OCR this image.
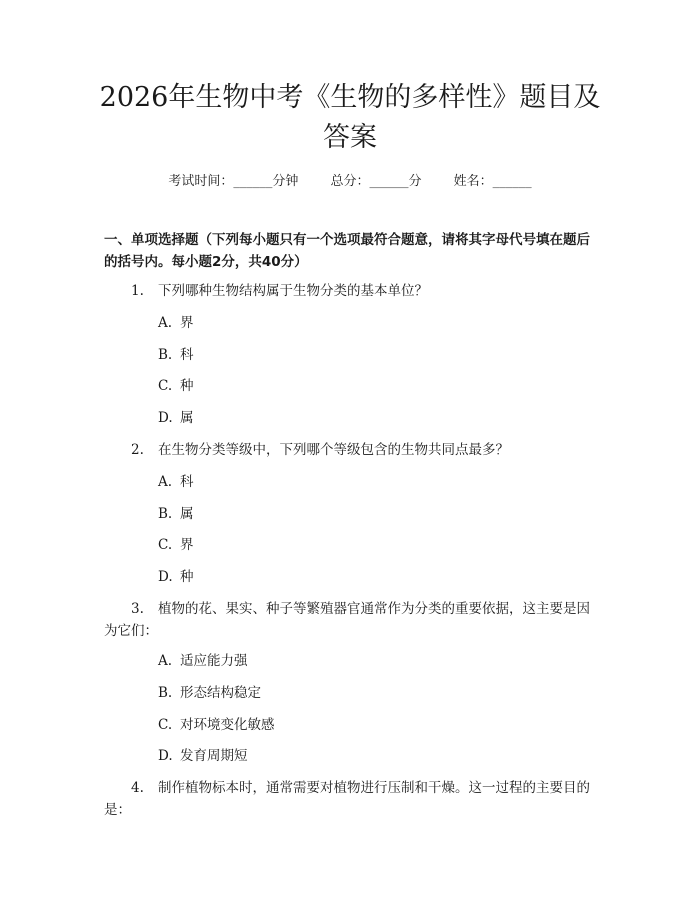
2026年生物中考《生物的多样性》题目及答案
考试时间：______分钟 总分：______分 姓名：______

一、单项选择题（下列每小题只有一个选项最符合题意，请将其字母代号填在题后的括号内。每小题2分，共40分）

1. 下列哪种生物结构属于生物分类的基本单位？
A. 界
B. 科
C. 种
D. 属
2. 在生物分类等级中，下列哪个等级包含的生物共同点最多？
A. 科
B. 属
C. 界
D. 种
3. 植物的花、果实、种子等繁殖器官通常作为分类的重要依据，这主要是因为它们：
A. 适应能力强
B. 形态结构稳定
C. 对环境变化敏感
D. 发育周期短
4. 制作植物标本时，通常需要对植物进行压制和干燥。这一过程的主要目的是：
